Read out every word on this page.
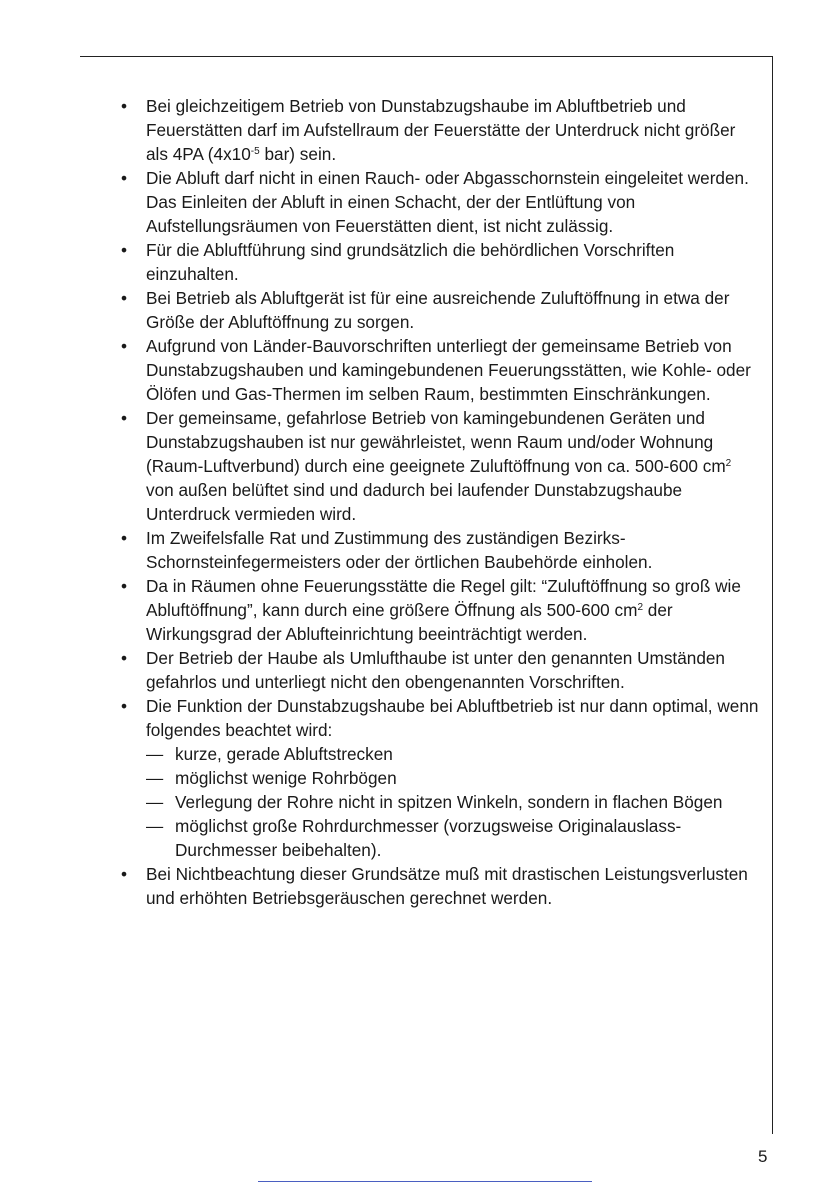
• Bei gleichzeitigem Betrieb von Dunstabzugshaube im Abluftbetrieb und Feuerstätten darf im Aufstellraum der Feuerstätte der Unterdruck nicht größer als 4PA ($4x10^{-5}$ bar) sein.
• Die Abluft darf nicht in einen Rauch- oder Abgasschornstein eingeleitet werden. Das Einleiten der Abluft in einen Schacht, der der Entlüftung von Aufstellungsräumen von Feuerstätten dient, ist nicht zulässig.
• Für die Abluftführung sind grundsätzlich die behördlichen Vorschriften einzuhalten.
• Bei Betrieb als Abluftgerät ist für eine ausreichende Zuluftöffnung in etwa der Größe der Abluftöffnung zu sorgen.
• Aufgrund von Länder-Bauvorschriften unterliegt der gemeinsame Betrieb von Dunstabzugshauben und kamingebundenen Feuerungsstätten, wie Kohle- oder Ölöfen und Gas-Thermen im selben Raum, bestimmten Einschränkungen.
• Der gemeinsame, gefahrlose Betrieb von kamingebundenen Geräten und Dunstabzugshauben ist nur gewährleistet, wenn Raum und/oder Wohnung (Raum-Luftverbund) durch eine geeignete Zuluftöffnung von ca. 500-600 $cm^2$ von außen belüftet sind und dadurch bei laufender Dunstabzugshaube Unterdruck vermieden wird.
• Im Zweifelsfalle Rat und Zustimmung des zuständigen Bezirks-Schornsteinfegermeisters oder der örtlichen Baubehörde einholen.
• Da in Räumen ohne Feuerungsstätte die Regel gilt: “Zuluftöffnung so groß wie Abluftöffnung”, kann durch eine größere Öffnung als 500-600 $cm^2$ der Wirkungsgrad der Ablufteinrichtung beeinträchtigt werden.
• Der Betrieb der Haube als Umlufthaube ist unter den genannten Umständen gefahrlos und unterliegt nicht den obengenannten Vorschriften.
• Die Funktion der Dunstabzugshaube bei Abluftbetrieb ist nur dann optimal, wenn folgendes beachtet wird:
— kurze, gerade Abluftstrecken
— möglichst wenige Rohrbögen
— Verlegung der Rohre nicht in spitzen Winkeln, sondern in flachen Bögen
— möglichst große Rohrdurchmesser (vorzugsweise Originalauslass-Durchmesser beibehalten).
• Bei Nichtbeachtung dieser Grundsätze muß mit drastischen Leistungsverlusten und erhöhten Betriebsgeräuschen gerechnet werden.
5
